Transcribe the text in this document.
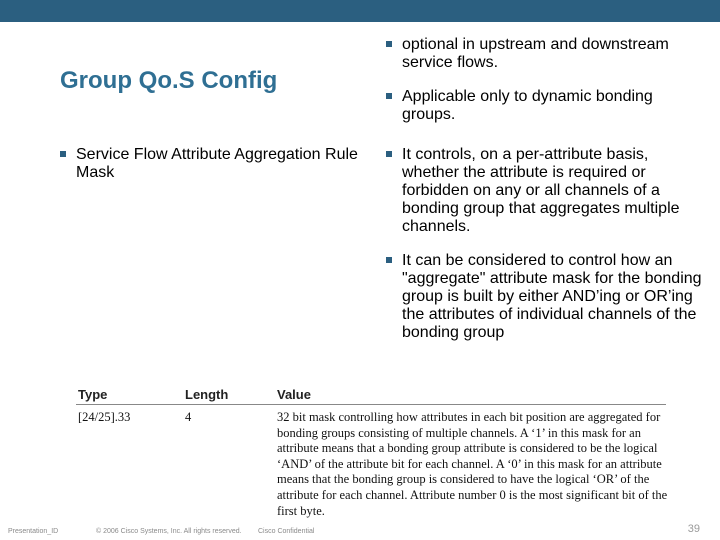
Group Qo.S Config
Service Flow Attribute Aggregation Rule Mask
optional in upstream and downstream service flows.
Applicable only to dynamic bonding groups.
It controls, on a per-attribute basis, whether the attribute is required or forbidden on any or all channels of a bonding group that aggregates multiple channels.
It can be considered to control how an "aggregate" attribute mask for the bonding group is built by either AND’ing or OR’ing the attributes of individual channels of the bonding group
Type	Length	Value
[24/25].33	4	32 bit mask controlling how attributes in each bit position are aggregated for bonding groups consisting of multiple channels. A ‘1’ in this mask for an attribute means that a bonding group attribute is considered to be the logical ‘AND’ of the attribute bit for each channel. A ‘0’ in this mask for an attribute means that the bonding group is considered to have the logical ‘OR’ of the attribute for each channel. Attribute number 0 is the most significant bit of the first byte.
Presentation_ID	© 2006 Cisco Systems, Inc. All rights reserved. Cisco Confidential	39
